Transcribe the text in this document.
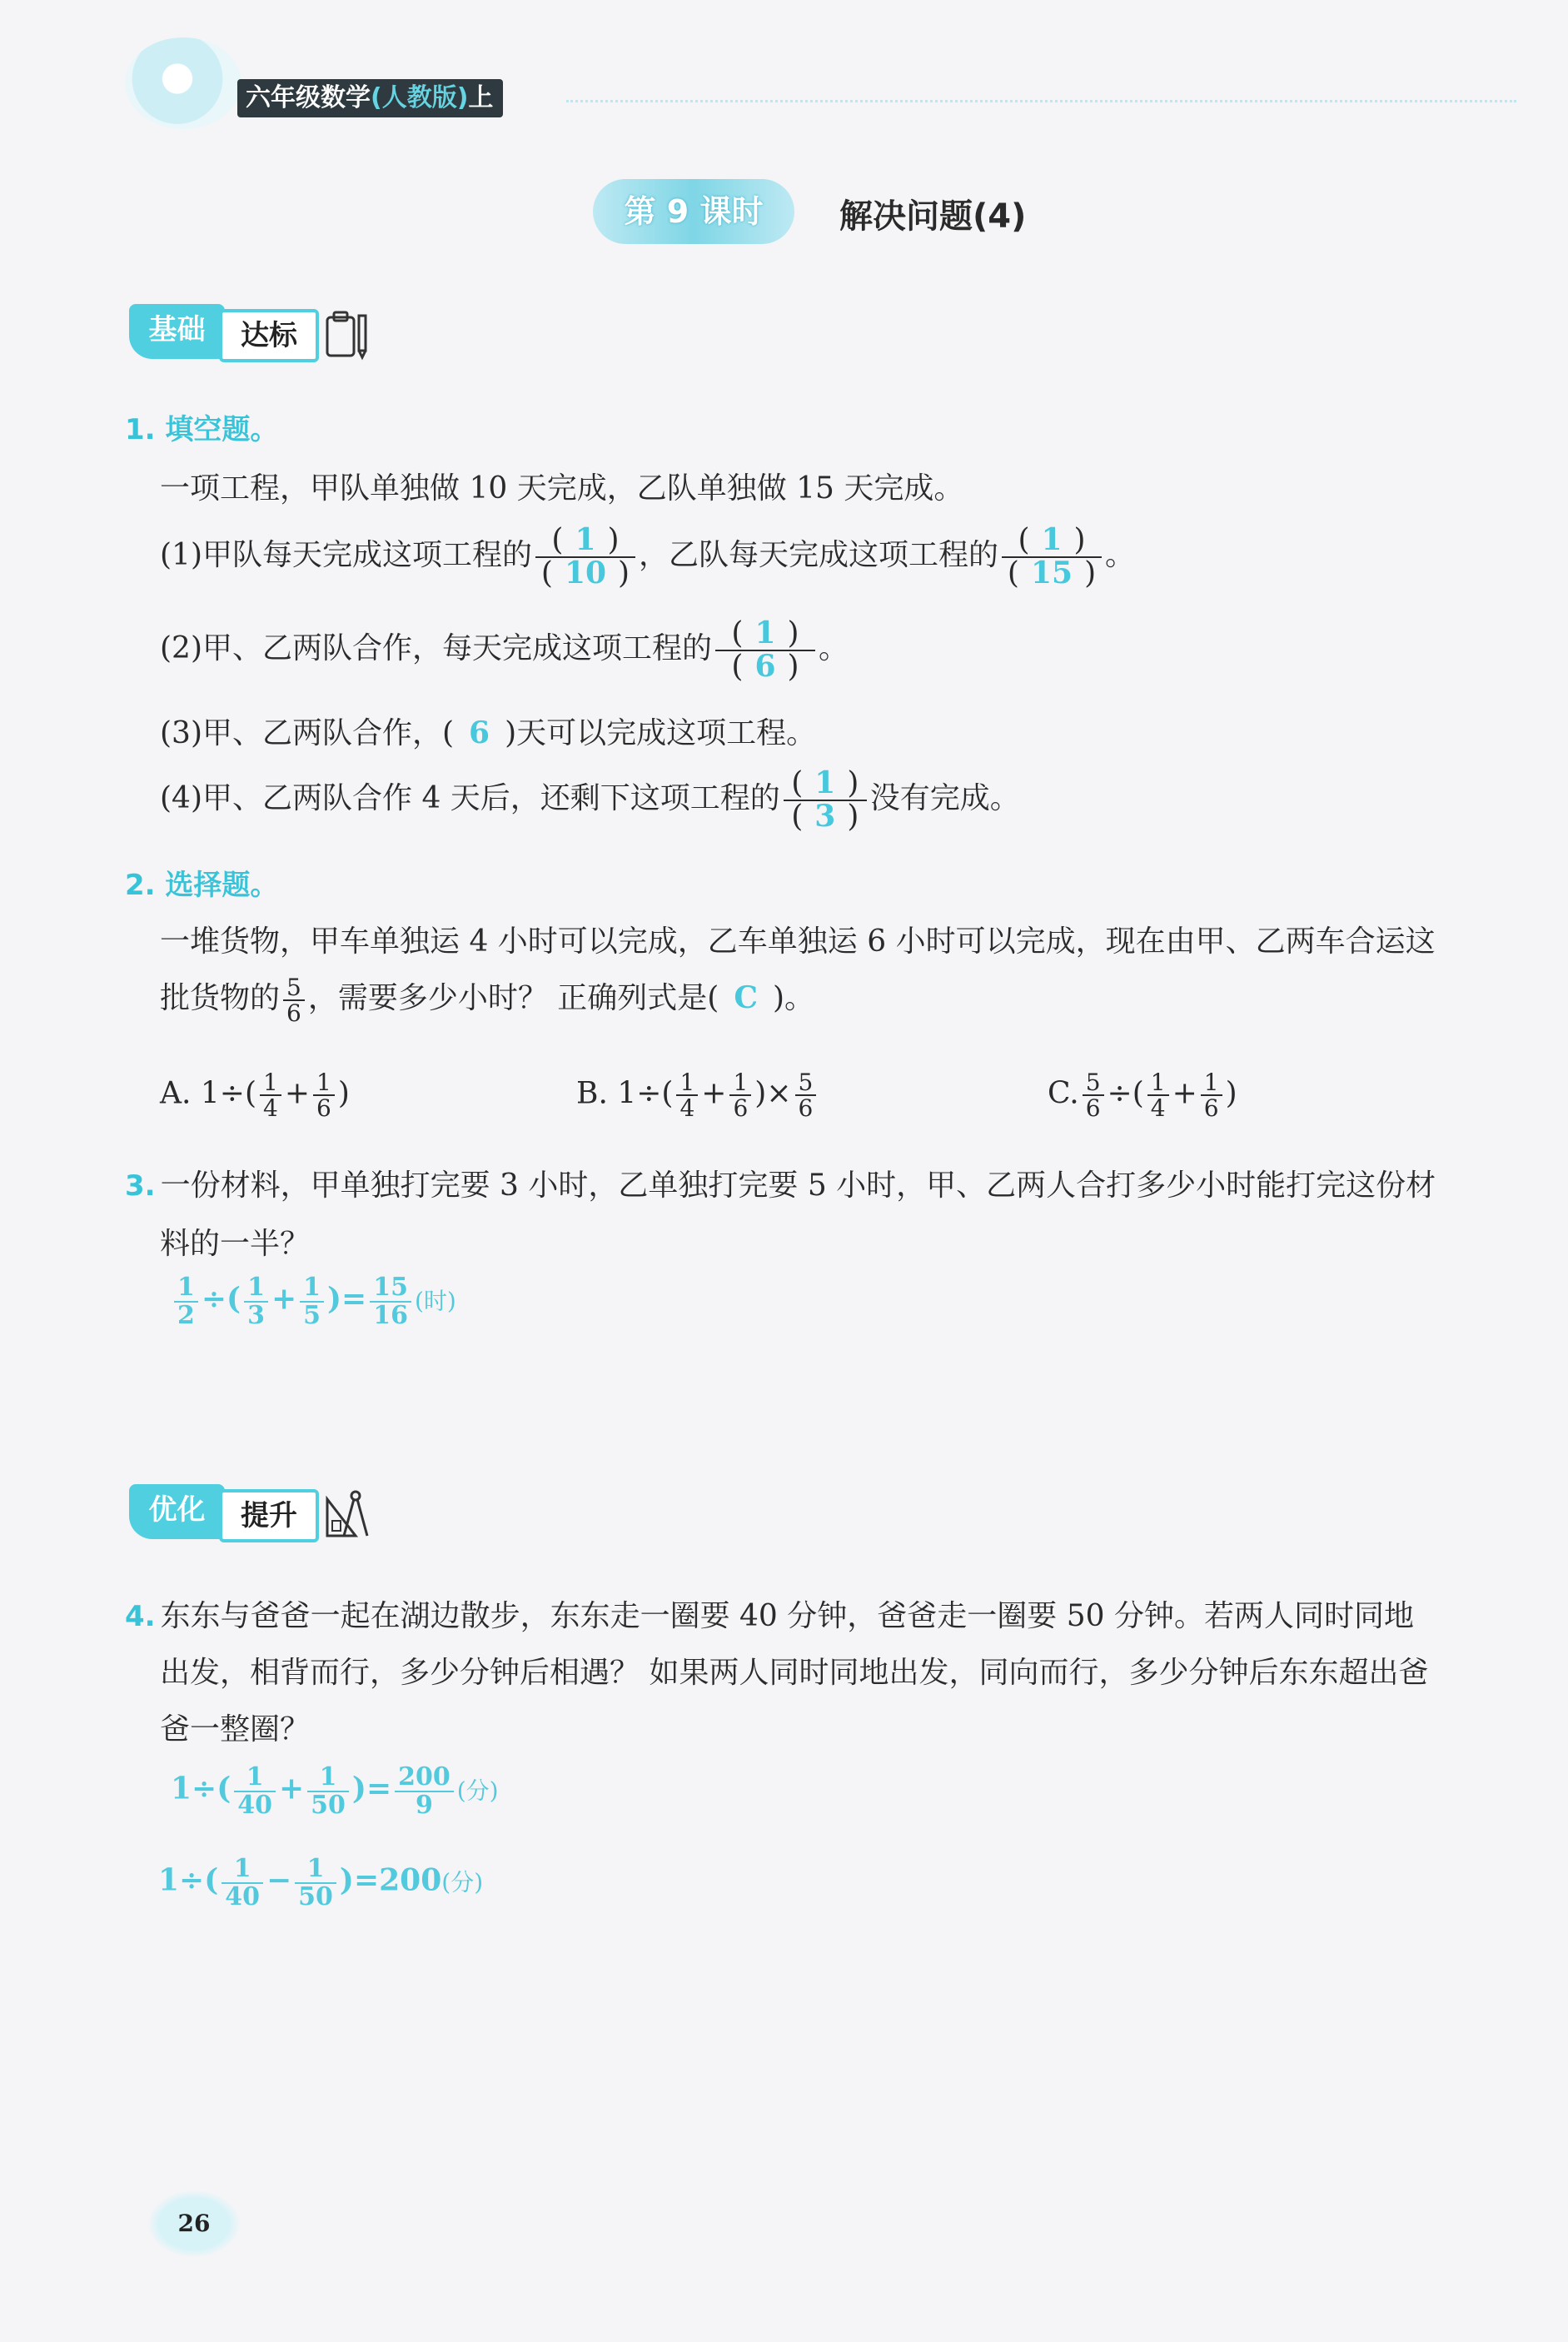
六年级数学(人教版)上
第 9 课时	解决问题(4)
基础	达标
1. 填空题。
一项工程，甲队单独做 10 天完成，乙队单独做 15 天完成。
(1)甲队每天完成这项工程的 $\frac{( 1 )}{( 10 )}$ ，乙队每天完成这项工程的 $\frac{( 1 )}{( 15 )}$ 。
(2)甲、乙两队合作，每天完成这项工程的 $\frac{( 1 )}{( 6 )}$ 。
(3)甲、乙两队合作，( 6 )天可以完成这项工程。
(4)甲、乙两队合作 4 天后，还剩下这项工程的 $\frac{( 1 )}{( 3 )}$ 没有完成。
2. 选择题。
一堆货物，甲车单独运 4 小时可以完成，乙车单独运 6 小时可以完成，现在由甲、乙两车合运这
批货物的 $\frac{5}{6}$ ，需要多少小时？ 正确列式是( C )。
A. $1\div( \frac{1}{4} + \frac{1}{6}$ )	B. $1\div( \frac{1}{4} + \frac{1}{6}$ )× $\frac{5}{6}$	C. $\frac{5}{6}$ ÷( $\frac{1}{4} + \frac{1}{6}$ )
3. 一份材料，甲单独打完要 3 小时，乙单独打完要 5 小时，甲、乙两人合打多少小时能打完这份材
料的一半？
$\frac{1}{2}$ ÷( $\frac{1}{3} + \frac{1}{5}$ )= $\frac{15}{16}$ (时)
优化	提升
4. 东东与爸爸一起在湖边散步，东东走一圈要 40 分钟，爸爸走一圈要 50 分钟。若两人同时同地
出发，相背而行，多少分钟后相遇？ 如果两人同时同地出发，同向而行，多少分钟后东东超出爸
爸一整圈？
$1\div( \frac{1}{40} + \frac{1}{50}$ )= $\frac{200}{9}$ (分)
$1\div( \frac{1}{40} - \frac{1}{50} )=200$(分)
26
